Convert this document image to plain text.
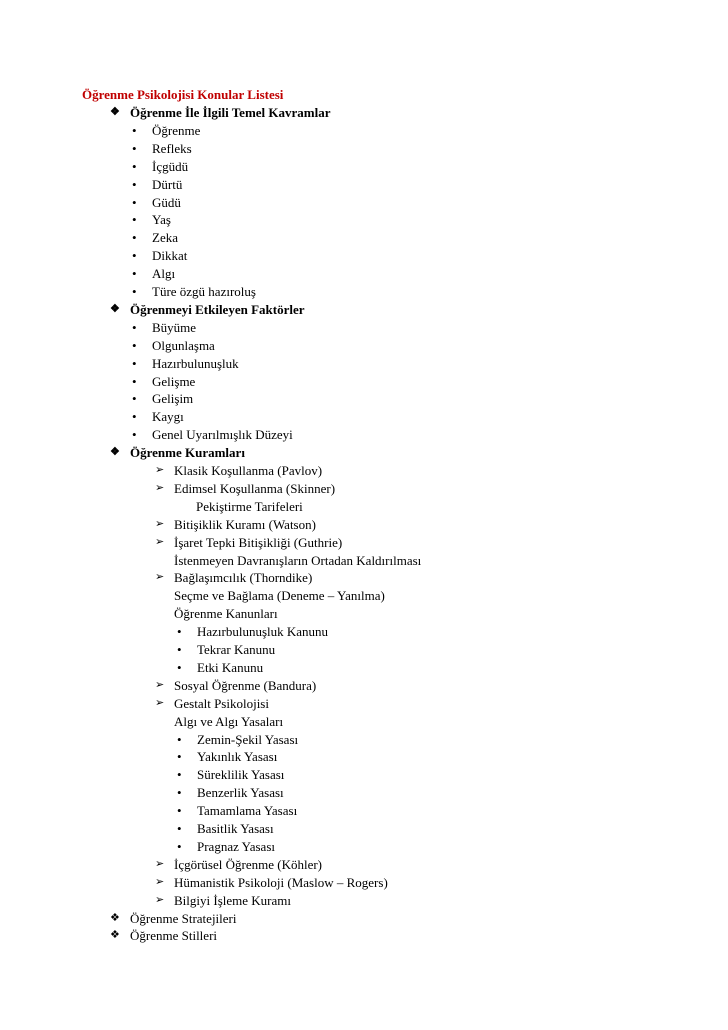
Öğrenme Psikolojisi Konular Listesi
❖ Öğrenme İle İlgili Temel Kavramlar
• Öğrenme
• Refleks
• İçgüdü
• Dürtü
• Güdü
• Yaş
• Zeka
• Dikkat
• Algı
• Türe özgü hazıroluş
❖ Öğrenmeyi Etkileyen Faktörler
• Büyüme
• Olgunlaşma
• Hazırbulunuşluk
• Gelişme
• Gelişim
• Kaygı
• Genel Uyarılmışlık Düzeyi
❖ Öğrenme Kuramları
➢ Klasik Koşullanma (Pavlov)
➢ Edimsel Koşullanma (Skinner)
Pekiştirme Tarifeleri
➢ Bitişiklik Kuramı (Watson)
➢ İşaret Tepki Bitişikliği (Guthrie)
İstenmeyen Davranışların Ortadan Kaldırılması
➢ Bağlaşımcılık (Thorndike)
Seçme ve Bağlama (Deneme – Yanılma)
Öğrenme Kanunları
• Hazırbulunuşluk Kanunu
• Tekrar Kanunu
• Etki Kanunu
➢ Sosyal Öğrenme (Bandura)
➢ Gestalt Psikolojisi
Algı ve Algı Yasaları
• Zemin-Şekil Yasası
• Yakınlık Yasası
• Süreklilik Yasası
• Benzerlik Yasası
• Tamamlama Yasası
• Basitlik Yasası
• Pragnaz Yasası
➢ İçgörüsel Öğrenme (Köhler)
➢ Hümanistik Psikoloji (Maslow – Rogers)
➢ Bilgiyi İşleme Kuramı
❖ Öğrenme Stratejileri
❖ Öğrenme Stilleri
